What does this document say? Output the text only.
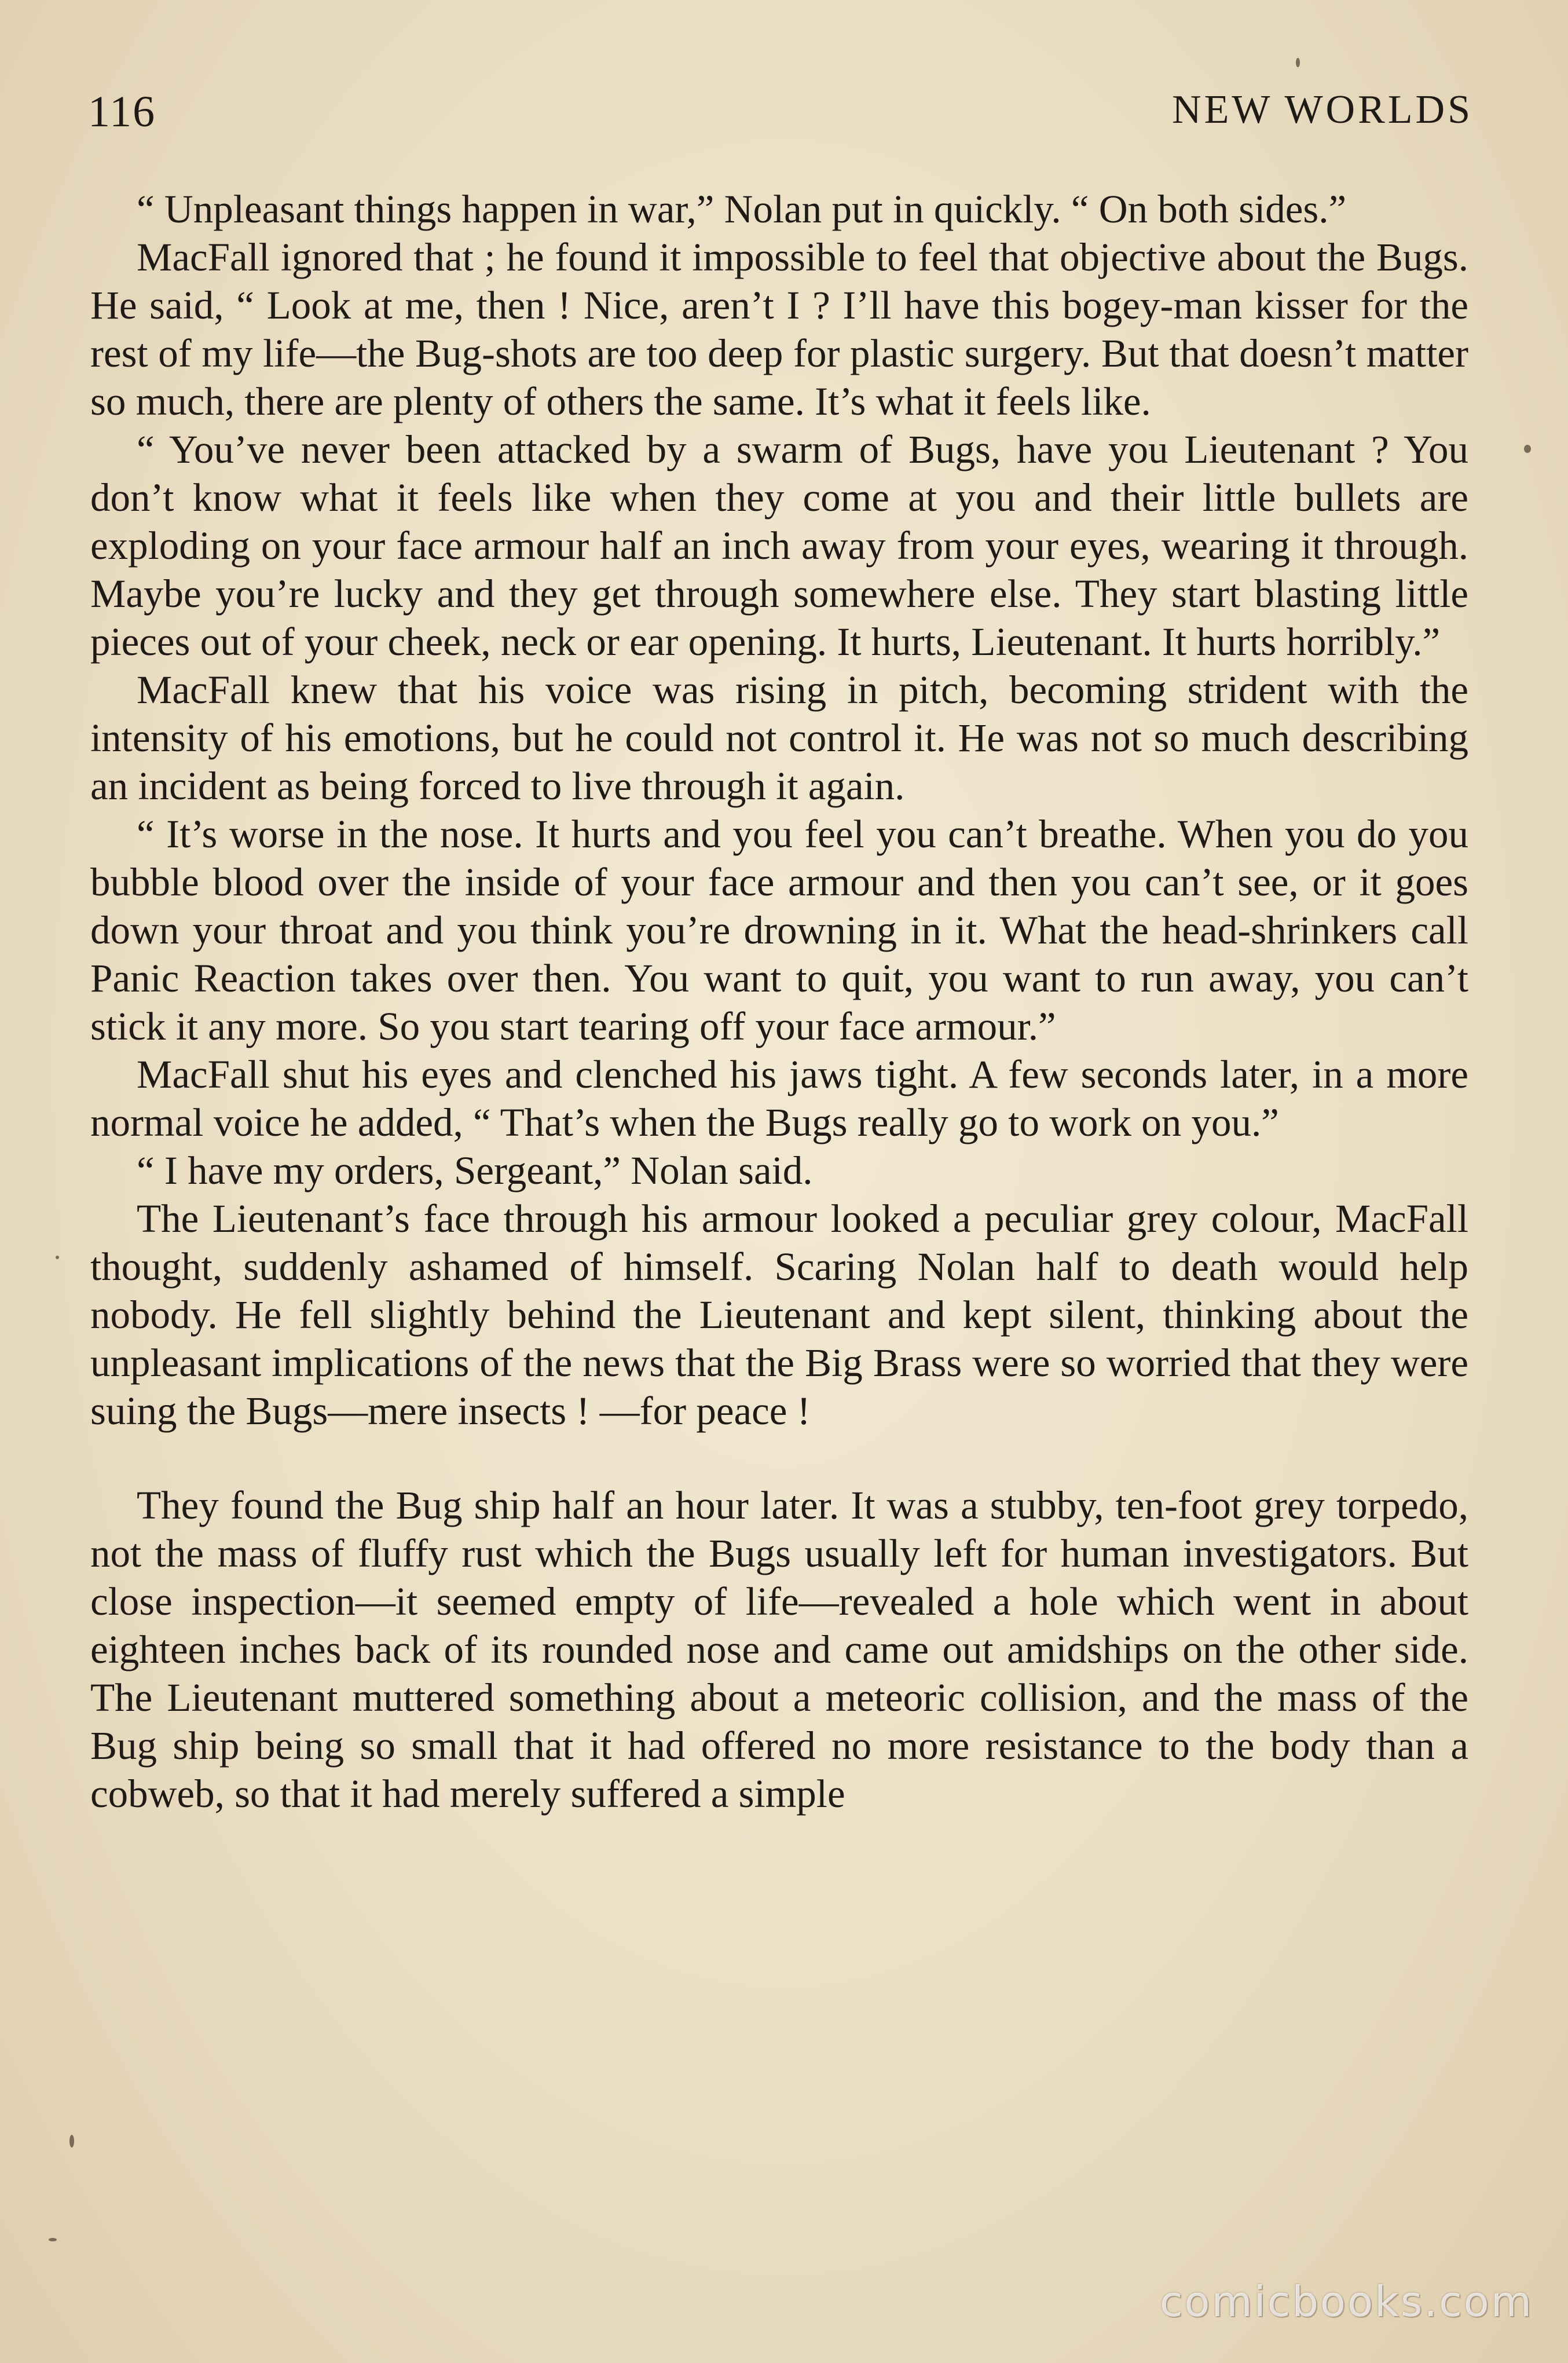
116	NEW WORLDS

“ Unpleasant things happen in war,” Nolan put in quickly. “ On both sides.”

MacFall ignored that ; he found it impossible to feel that objective about the Bugs. He said, “ Look at me, then ! Nice, aren’t I ? I’ll have this bogey-man kisser for the rest of my life—the Bug-shots are too deep for plastic surgery. But that doesn’t matter so much, there are plenty of others the same. It’s what it feels like.

“ You’ve never been attacked by a swarm of Bugs, have you Lieutenant ? You don’t know what it feels like when they come at you and their little bullets are exploding on your face armour half an inch away from your eyes, wearing it through. Maybe you’re lucky and they get through somewhere else. They start blasting little pieces out of your cheek, neck or ear opening. It hurts, Lieutenant. It hurts horribly.”

MacFall knew that his voice was rising in pitch, becoming strident with the intensity of his emotions, but he could not control it. He was not so much describing an incident as being forced to live through it again.

“ It’s worse in the nose. It hurts and you feel you can’t breathe. When you do you bubble blood over the inside of your face armour and then you can’t see, or it goes down your throat and you think you’re drowning in it. What the head-shrinkers call Panic Reaction takes over then. You want to quit, you want to run away, you can’t stick it any more. So you start tearing off your face armour.”

MacFall shut his eyes and clenched his jaws tight. A few seconds later, in a more normal voice he added, “ That’s when the Bugs really go to work on you.”

“ I have my orders, Sergeant,” Nolan said.

The Lieutenant’s face through his armour looked a peculiar grey colour, MacFall thought, suddenly ashamed of himself. Scaring Nolan half to death would help nobody. He fell slightly behind the Lieutenant and kept silent, thinking about the unpleasant implications of the news that the Big Brass were so worried that they were suing the Bugs—mere insects ! —for peace !

They found the Bug ship half an hour later. It was a stubby, ten-foot grey torpedo, not the mass of fluffy rust which the Bugs usually left for human investigators. But close inspection—it seemed empty of life—revealed a hole which went in about eighteen inches back of its rounded nose and came out amidships on the other side. The Lieutenant muttered something about a meteoric collision, and the mass of the Bug ship being so small that it had offered no more resistance to the body than a cobweb, so that it had merely suffered a simple

comicbooks.com
